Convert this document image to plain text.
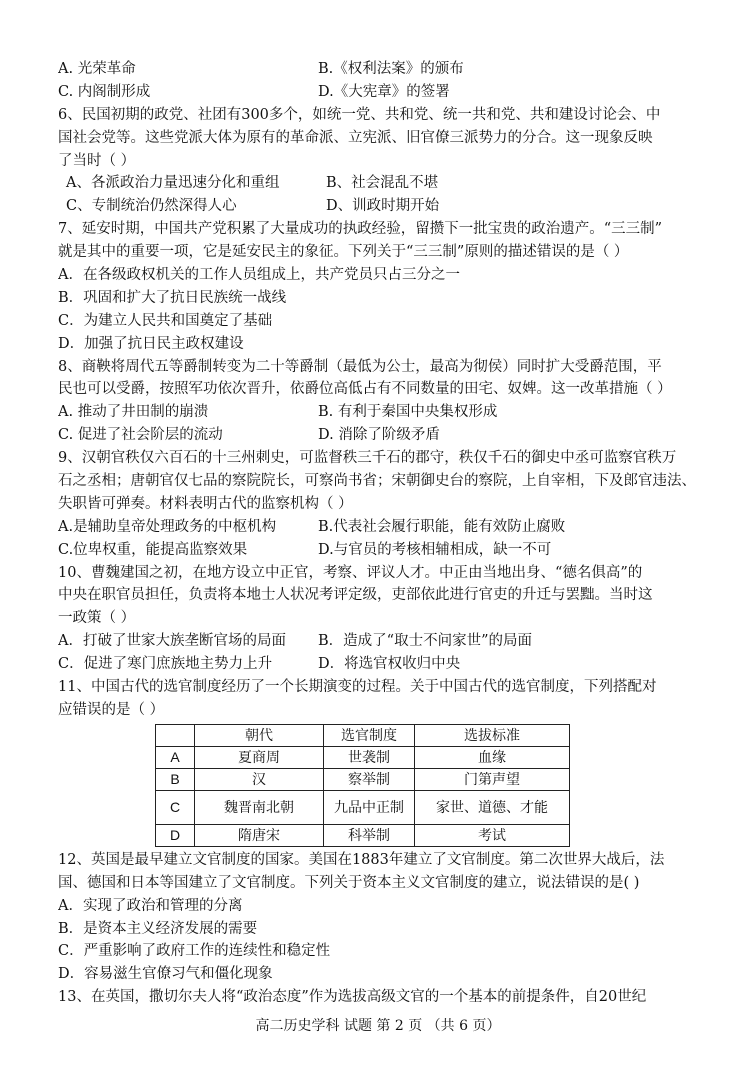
A. 光荣革命	B.《权利法案》的颁布
C. 内阁制形成	D.《大宪章》的签署
6、民国初期的政党、社团有300多个，如统一党、共和党、统一共和党、共和建设讨论会、中
国社会党等。这些党派大体为原有的革命派、立宪派、旧官僚三派势力的分合。这一现象反映
了当时（ ）
A、各派政治力量迅速分化和重组	B、社会混乱不堪
C、专制统治仍然深得人心	D、训政时期开始
7、延安时期，中国共产党积累了大量成功的执政经验，留攒下一批宝贵的政治遗产。“三三制”
就是其中的重要一项，它是延安民主的象征。下列关于“三三制”原则的描述错误的是（ ）
A．在各级政权机关的工作人员组成上，共产党员只占三分之一
B．巩固和扩大了抗日民族统一战线
C．为建立人民共和国奠定了基础
D．加强了抗日民主政权建设
8、商鞅将周代五等爵制转变为二十等爵制（最低为公士，最高为彻侯）同时扩大受爵范围，平
民也可以受爵，按照军功依次晋升，依爵位高低占有不同数量的田宅、奴婢。这一改革措施（ ）
A. 推动了井田制的崩溃	B. 有利于秦国中央集权形成
C. 促进了社会阶层的流动	D. 消除了阶级矛盾
9、汉朝官秩仅六百石的十三州刺史，可监督秩三千石的郡守，秩仅千石的御史中丞可监察官秩万
石之丞相；唐朝官仅七品的察院院长，可察尚书省；宋朝御史台的察院，上自宰相，下及郎官违法、
失职皆可弹奏。材料表明古代的监察机构（ ）
A.是辅助皇帝处理政务的中枢机构	B.代表社会履行职能，能有效防止腐败
C.位卑权重，能提高监察效果	D.与官员的考核相辅相成，缺一不可
10、曹魏建国之初，在地方设立中正官，考察、评议人才。中正由当地出身、“德名俱高”的
中央在职官员担任，负责将本地士人状况考评定级，吏部依此进行官吏的升迁与罢黜。当时这
一政策（ ）
A．打破了世家大族垄断官场的局面	B．造成了“取士不问家世”的局面
C．促进了寒门庶族地主势力上升	D．将选官权收归中央
11、中国古代的选官制度经历了一个长期演变的过程。关于中国古代的选官制度，下列搭配对
应错误的是（ ）
	朝代	选官制度	选拔标准
A	夏商周	世袭制	血缘
B	汉	察举制	门第声望
C	魏晋南北朝	九品中正制	家世、道德、才能
D	隋唐宋	科举制	考试
12、英国是最早建立文官制度的国家。美国在1883年建立了文官制度。第二次世界大战后，法
国、德国和日本等国建立了文官制度。下列关于资本主义文官制度的建立，说法错误的是( )
A．实现了政治和管理的分离
B．是资本主义经济发展的需要
C．严重影响了政府工作的连续性和稳定性
D．容易滋生官僚习气和僵化现象
13、在英国，撒切尔夫人将“政治态度”作为选拔高级文官的一个基本的前提条件，自20世纪
高二历史学科 试题 第 2 页 （共 6 页）
